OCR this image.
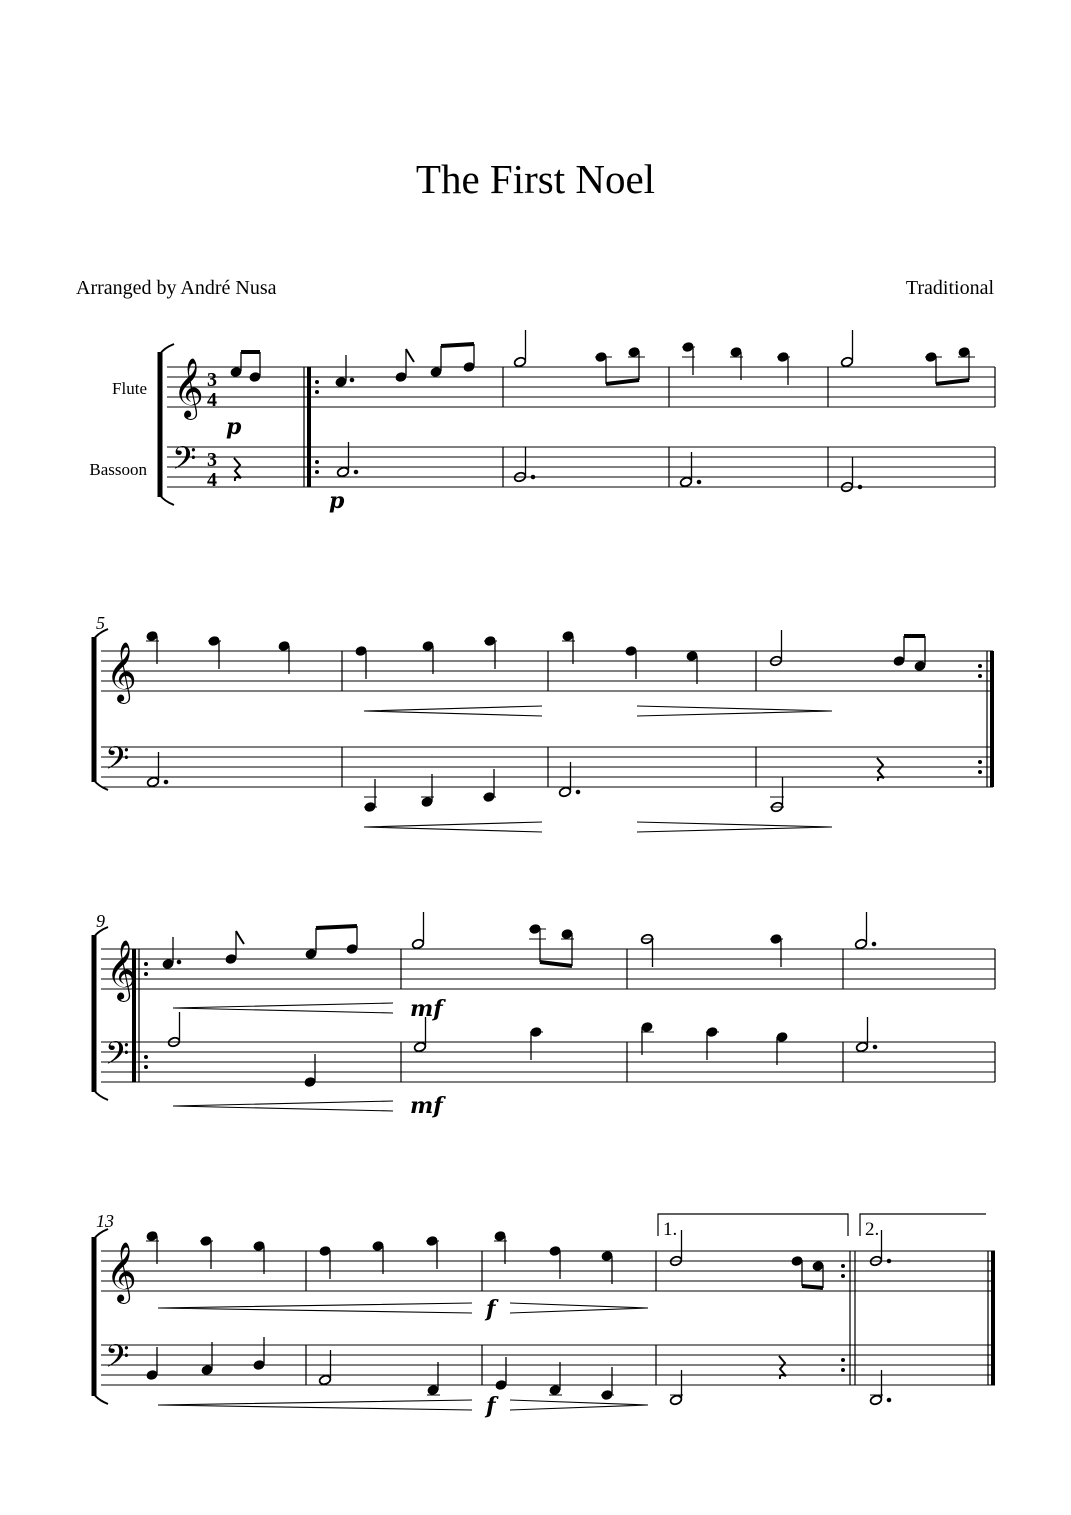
The First Noel
Arranged by André Nusa	Traditional
Flute
Bassoon
𝄞
𝄢
3
4
3
4
p
p
5
𝄞
𝄢
9
𝄞
𝄢
mf
mf
13
𝄞
𝄢
1.	2.
f
f
